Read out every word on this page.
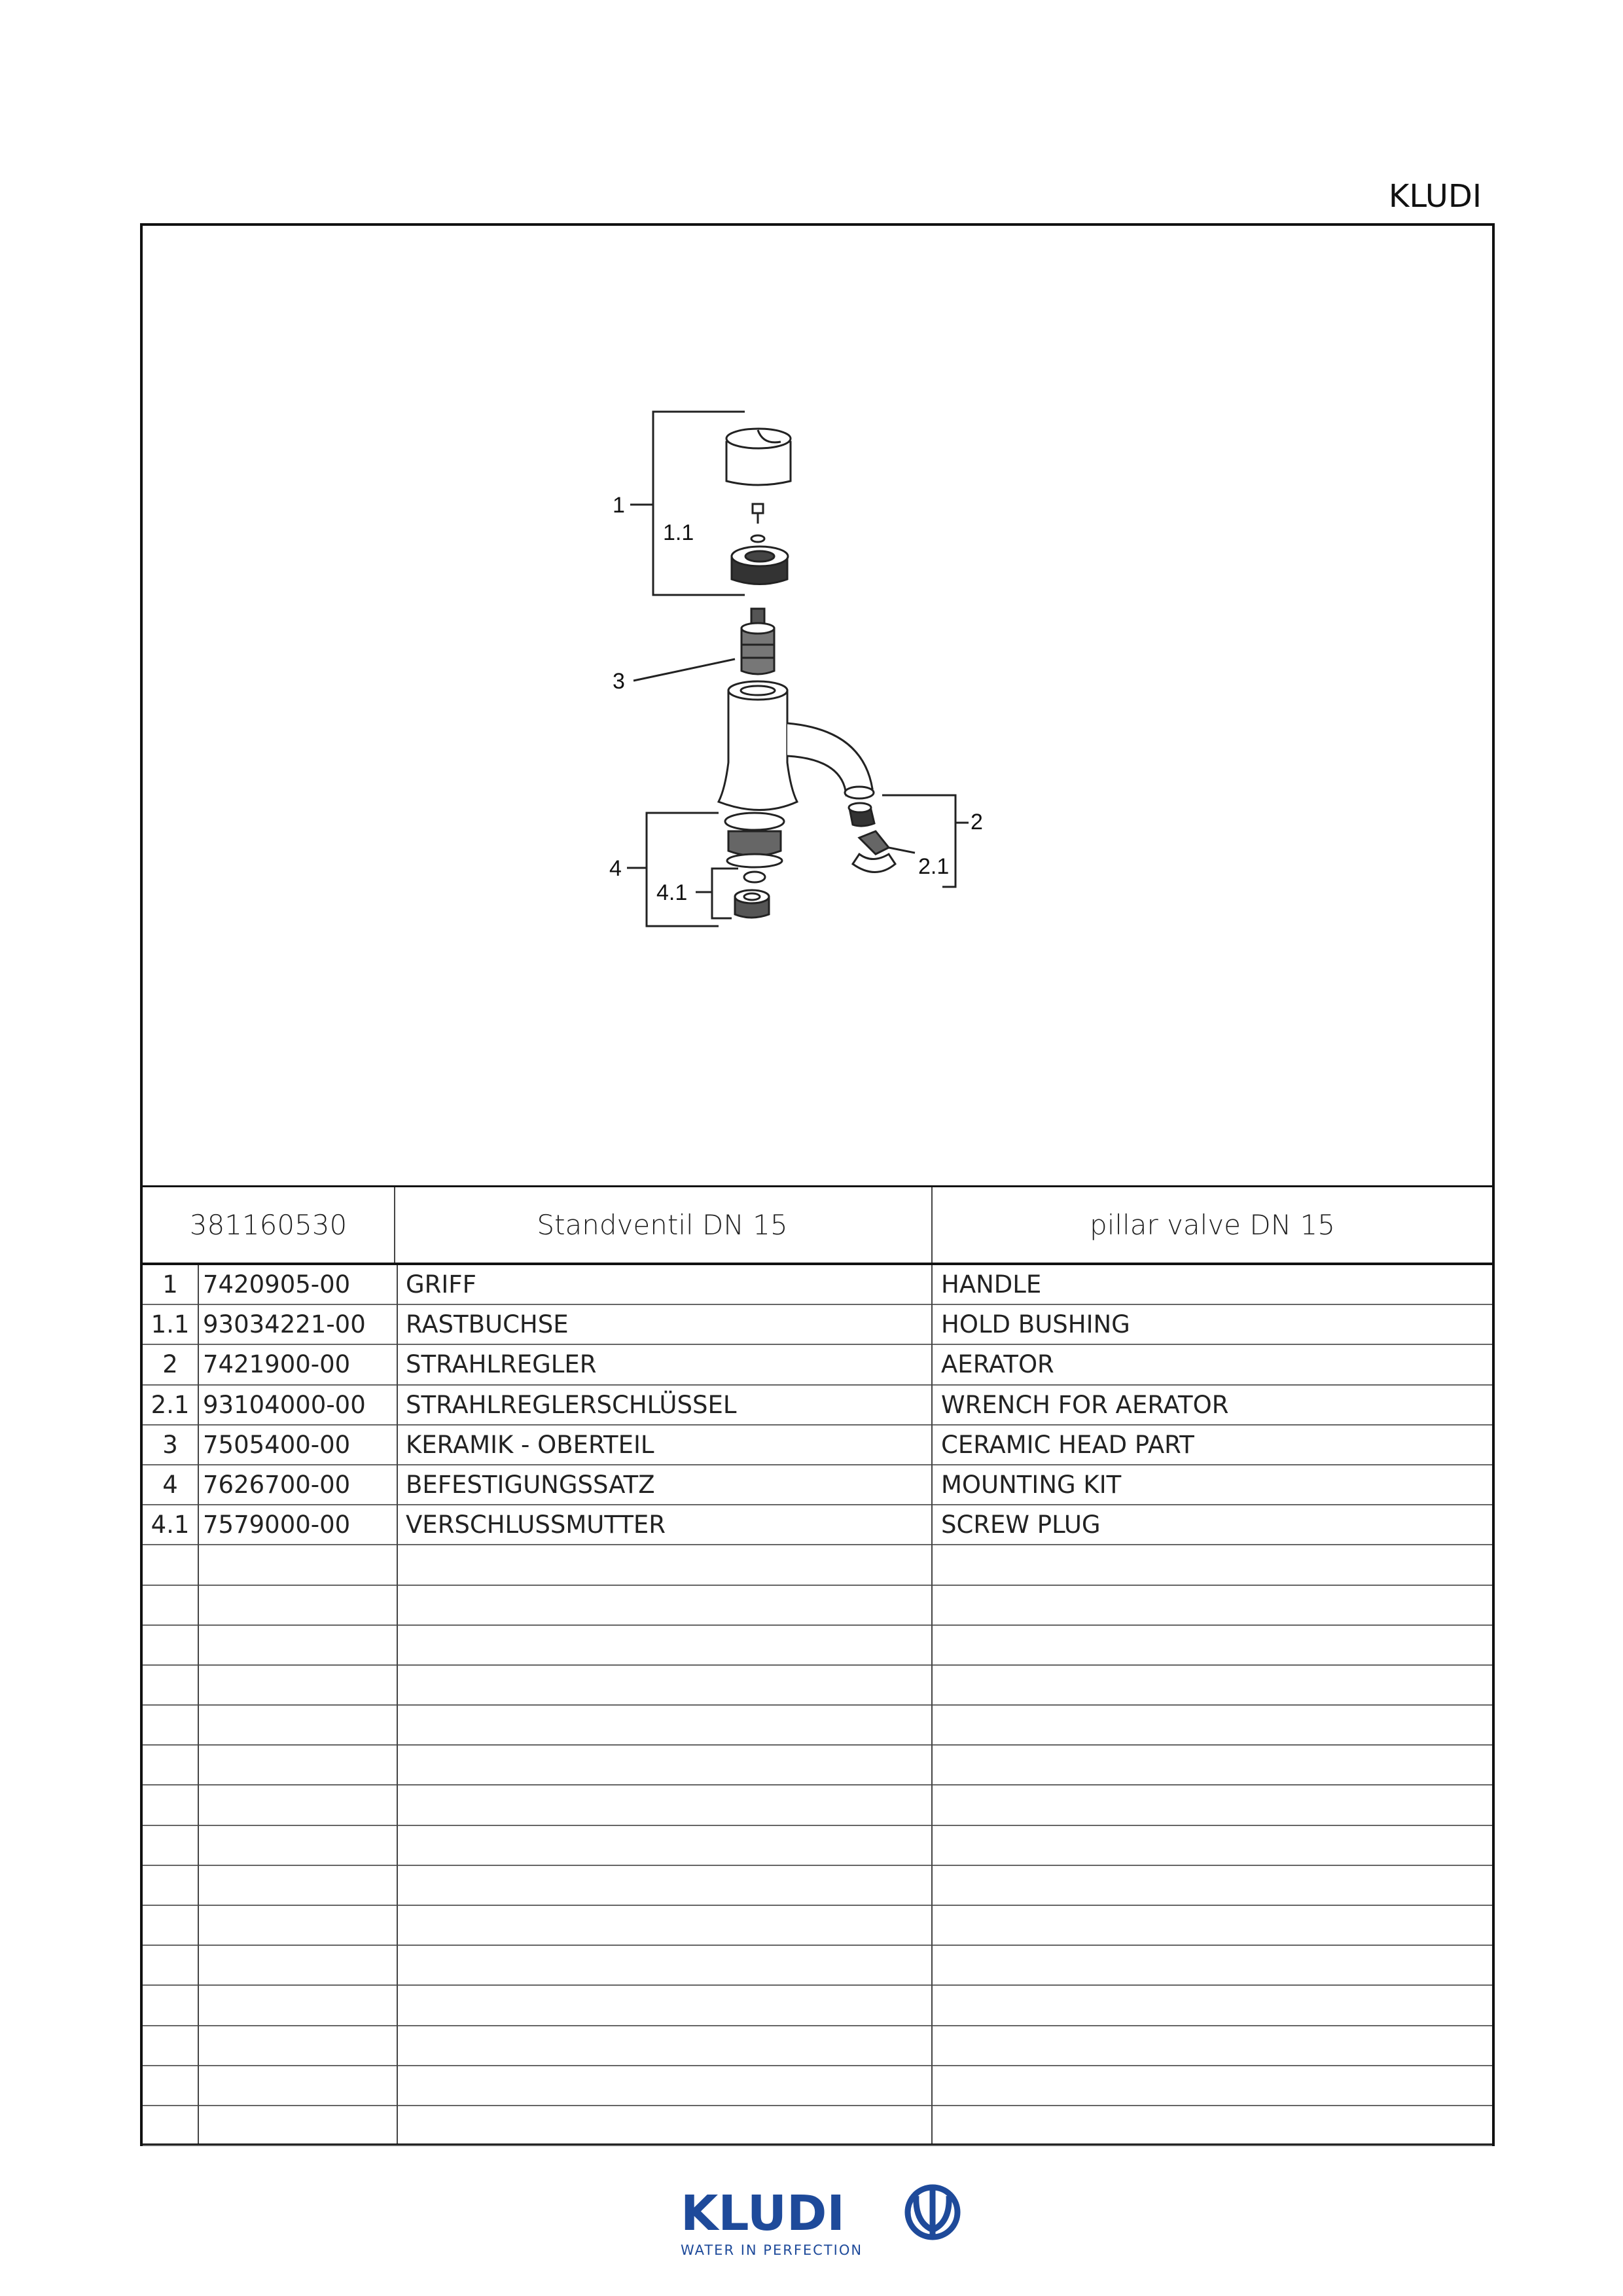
KLUDI
1
1.1
3
4
4.1
2
2.1
381160530	Standventil DN 15	pillar valve DN 15
1	7420905-00	GRIFF	HANDLE
1.1 93034221-00	RASTBUCHSE	HOLD BUSHING
2	7421900-00	STRAHLREGLER	AERATOR
2.1 93104000-00	STRAHLREGLERSCHLÜSSEL	WRENCH FOR AERATOR
3	7505400-00	KERAMIK - OBERTEIL	CERAMIC HEAD PART
4	7626700-00	BEFESTIGUNGSSATZ	MOUNTING KIT
4.1 7579000-00	VERSCHLUSSMUTTER	SCREW PLUG
KLUDI
WATER IN PERFECTION
